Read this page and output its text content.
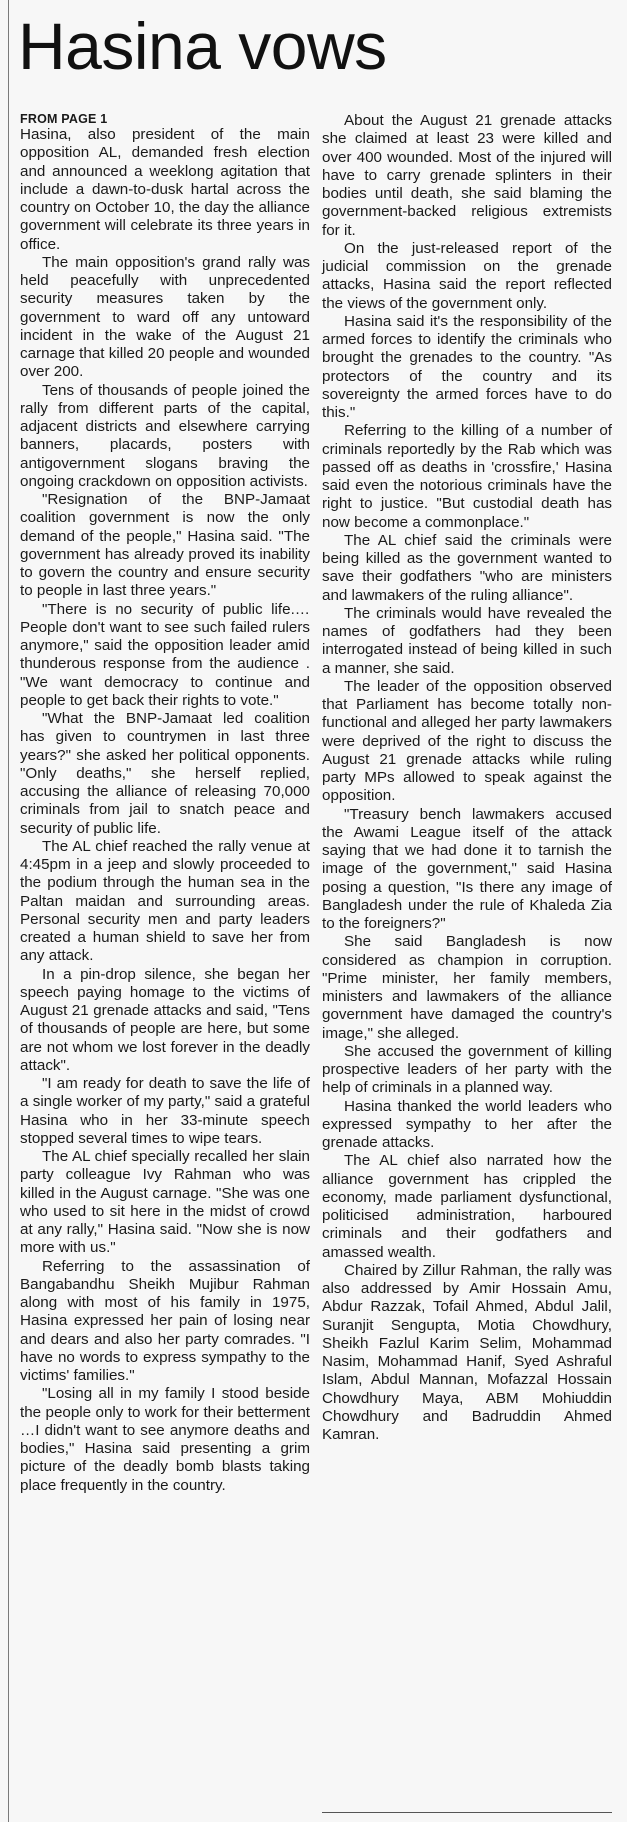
Hasina vows
FROM PAGE 1

Hasina, also president of the main opposition AL, demanded fresh election and announced a weeklong agitation that include a dawn-to-dusk hartal across the country on October 10, the day the alliance government will celebrate its three years in office.

The main opposition's grand rally was held peacefully with unprecedented security measures taken by the government to ward off any untoward incident in the wake of the August 21 carnage that killed 20 people and wounded over 200.

Tens of thousands of people joined the rally from different parts of the capital, adjacent districts and elsewhere carrying banners, placards, posters with antigovernment slogans braving the ongoing crackdown on opposition activists.

"Resignation of the BNP-Jamaat coalition government is now the only demand of the people," Hasina said. "The government has already proved its inability to govern the country and ensure security to people in last three years."

"There is no security of public life.…People don't want to see such failed rulers anymore," said the opposition leader amid thunderous response from the audience . "We want democracy to continue and people to get back their rights to vote."

"What the BNP-Jamaat led coalition has given to countrymen in last three years?" she asked her political opponents. "Only deaths," she herself replied, accusing the alliance of releasing 70,000 criminals from jail to snatch peace and security of public life.

The AL chief reached the rally venue at 4:45pm in a jeep and slowly proceeded to the podium through the human sea in the Paltan maidan and surrounding areas. Personal security men and party leaders created a human shield to save her from any attack.

In a pin-drop silence, she began her speech paying homage to the victims of August 21 grenade attacks and said, "Tens of thousands of people are here, but some are not whom we lost forever in the deadly attack".

"I am ready for death to save the life of a single worker of my party," said a grateful Hasina who in her 33-minute speech stopped several times to wipe tears.

The AL chief specially recalled her slain party colleague Ivy Rahman who was killed in the August carnage. "She was one who used to sit here in the midst of crowd at any rally," Hasina said. "Now she is now more with us."

Referring to the assassination of Bangabandhu Sheikh Mujibur Rahman along with most of his family in 1975, Hasina expressed her pain of losing near and dears and also her party comrades. "I have no words to express sympathy to the victims' families."

"Losing all in my family I stood beside the people only to work for their betterment …I didn't want to see anymore deaths and bodies," Hasina said presenting a grim picture of the deadly bomb blasts taking place frequently in the country.

About the August 21 grenade attacks she claimed at least 23 were killed and over 400 wounded. Most of the injured will have to carry grenade splinters in their bodies until death, she said blaming the government-backed religious extremists for it.

On the just-released report of the judicial commission on the grenade attacks, Hasina said the report reflected the views of the government only.

Hasina said it's the responsibility of the armed forces to identify the criminals who brought the grenades to the country. "As protectors of the country and its sovereignty the armed forces have to do this."

Referring to the killing of a number of criminals reportedly by the Rab which was passed off as deaths in 'crossfire,' Hasina said even the notorious criminals have the right to justice. "But custodial death has now become a commonplace."

The AL chief said the criminals were being killed as the government wanted to save their godfathers "who are ministers and lawmakers of the ruling alliance".

The criminals would have revealed the names of godfathers had they been interrogated instead of being killed in such a manner, she said.

The leader of the opposition observed that Parliament has become totally non-functional and alleged her party lawmakers were deprived of the right to discuss the August 21 grenade attacks while ruling party MPs allowed to speak against the opposition.

"Treasury bench lawmakers accused the Awami League itself of the attack saying that we had done it to tarnish the image of the government," said Hasina posing a question, "Is there any image of Bangladesh under the rule of Khaleda Zia to the foreigners?"

She said Bangladesh is now considered as champion in corruption. "Prime minister, her family members, ministers and lawmakers of the alliance government have damaged the country's image," she alleged.

She accused the government of killing prospective leaders of her party with the help of criminals in a planned way.

Hasina thanked the world leaders who expressed sympathy to her after the grenade attacks.

The AL chief also narrated how the alliance government has crippled the economy, made parliament dysfunctional, politicised administration, harboured criminals and their godfathers and amassed wealth.

Chaired by Zillur Rahman, the rally was also addressed by Amir Hossain Amu, Abdur Razzak, Tofail Ahmed, Abdul Jalil, Suranjit Sengupta, Motia Chowdhury, Sheikh Fazlul Karim Selim, Mohammad Nasim, Mohammad Hanif, Syed Ashraful Islam, Abdul Mannan, Mofazzal Hossain Chowdhury Maya, ABM Mohiuddin Chowdhury and Badruddin Ahmed Kamran.
